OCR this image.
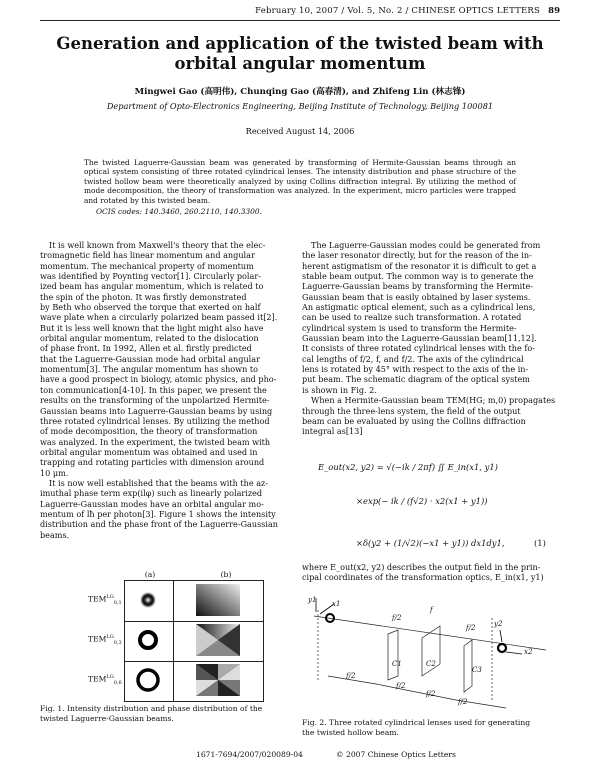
February 10, 2007 / Vol. 5, No. 2 / CHINESE OPTICS LETTERS 89
Generation and application of the twisted beam with
orbital angular momentum
Mingwei Gao (高明伟), Chunqing Gao (高春清), and Zhifeng Lin (林志锋)
Department of Opto-Electronics Engineering, Beijing Institute of Technology, Beijing 100081
Received August 14, 2006
The twisted Laguerre-Gaussian beam was generated by transforming of Hermite-Gaussian beams through an optical system consisting of three rotated cylindrical lenses. The intensity distribution and phase structure of the twisted hollow beam were theoretically analyzed by using Collins diffraction integral. By utilizing the method of mode decomposition, the theory of transformation was analyzed. In the experiment, micro particles were trapped and rotated by this twisted beam.
OCIS codes: 140.3460, 260.2110, 140.3300.
It is well known from Maxwell's theory that the elec-
tromagnetic field has linear momentum and angular
momentum. The mechanical property of momentum
was identified by Poynting vector[1]. Circularly polar-
ized beam has angular momentum, which is related to
the spin of the photon. It was firstly demonstrated
by Beth who observed the torque that exerted on half
wave plate when a circularly polarized beam passed it[2].
But it is less well known that the light might also have
orbital angular momentum, related to the dislocation
of phase front. In 1992, Allen et al. firstly predicted
that the Laguerre-Gaussian mode had orbital angular
momentum[3]. The angular momentum has shown to
have a good prospect in biology, atomic physics, and pho-
ton communication[4-10]. In this paper, we present the
results on the transforming of the unpolarized Hermite-
Gaussian beams into Laguerre-Gaussian beams by using
three rotated cylindrical lenses. By utilizing the method
of mode decomposition, the theory of transformation
was analyzed. In the experiment, the twisted beam with
orbital angular momentum was obtained and used in
trapping and rotating particles with dimension around
10 μm.
It is now well established that the beams with the az-
imuthal phase term exp(ilφ) such as linearly polarized
Laguerre-Gaussian modes have an orbital angular mo-
mentum of lħ per photon[3]. Figure 1 shows the intensity
distribution and the phase front of the Laguerre-Gaussian
beams.
(a)	(b)
$TEM^{LG}_{0,1}$
$TEM^{LG}_{0,3}$
$TEM^{LG}_{0,6}$
Fig. 1. Intensity distribution and phase distribution of the
twisted Laguerre-Gaussian beams.
The Laguerre-Gaussian modes could be generated from
the laser resonator directly, but for the reason of the in-
herent astigmatism of the resonator it is difficult to get a
stable beam output. The common way is to generate the
Laguerre-Gaussian beams by transforming the Hermite-
Gaussian beam that is easily obtained by laser systems.
An astigmatic optical element, such as a cylindrical lens,
can be used to realize such transformation. A rotated
cylindrical system is used to transform the Hermite-
Gaussian beam into the Laguerre-Gaussian beam[11,12].
It consists of three rotated cylindrical lenses with the fo-
cal lengths of f/2, f, and f/2. The axis of the cylindrical
lens is rotated by 45° with respect to the axis of the in-
put beam. The schematic diagram of the optical system
is shown in Fig. 2.
When a Hermite-Gaussian beam TEM(HG; m,0) propagates
through the three-lens system, the field of the output
beam can be evaluated by using the Collins diffraction
integral as[13]
E_out(x2, y2) = √(−ik / 2πf) ∬ E_in(x1, y1)
×exp(− ik / (f√2) · x2(x1 + y1))
×δ(y2 + (1/√2)(−x1 + y1)) dx1dy1,	(1)
where E_out(x2, y2) describes the output field in the prin-
cipal coordinates of the transformation optics, E_in(x1, y1)
y1 x1
f/2
f
f/2	y2
x2
C1	C2
C3
f/2
f/2
f/2
f/2
Fig. 2. Three rotated cylindrical lenses used for generating
the twisted hollow beam.
1671-7694/2007/020089-04	© 2007 Chinese Optics Letters
